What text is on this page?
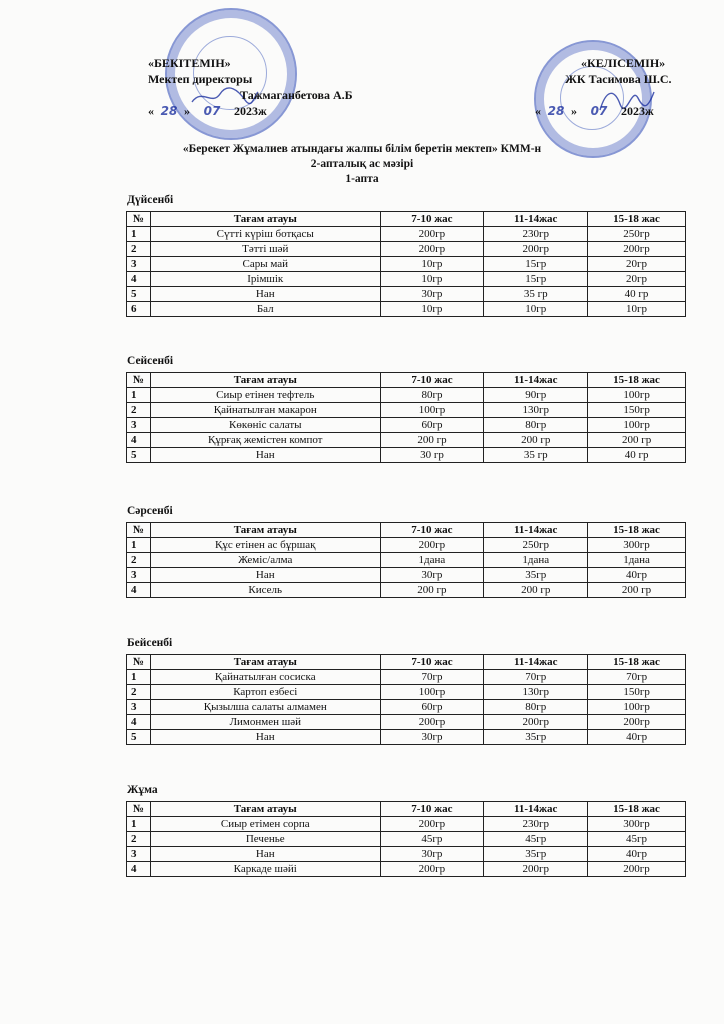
«БЕКІТЕМІН»
Мектеп директоры
Тажмаганбетова А.Б
« 28 » 07 2023ж
«КЕЛІСЕМІН»
ЖК Тасимова Ш.С.
« 28 » 07 2023ж
«Берекет Жұмалиев атындағы жалпы білім беретін мектеп» КММ-н
2-апталық ас мәзірі
1-апта
Дүйсенбі
Сейсенбі
Сәрсенбі
Бейсенбі
Жұма
№	Тағам атауы	7-10 жас	11-14жас	15-18 жас
1	Сүтті күріш ботқасы	200гр	230гр	250гр
2	Тәтті шәй	200гр	200гр	200гр
3	Сары май	10гр	15гр	20гр
4	Ірімшік	10гр	15гр	20гр
5	Нан	30гр	35 гр	40 гр
6	Бал	10гр	10гр	10гр
№	Тағам атауы	7-10 жас	11-14жас	15-18 жас
1	Сиыр етінен тефтель	80гр	90гр	100гр
2	Қайнатылған макарон	100гр	130гр	150гр
3	Көкөніс салаты	60гр	80гр	100гр
4	Құрғақ жемістен компот	200 гр	200 гр	200 гр
5	Нан	30 гр	35 гр	40 гр
№	Тағам атауы	7-10 жас	11-14жас	15-18 жас
1	Құс етінен ас бұршақ	200гр	250гр	300гр
2	Жеміс/алма	1дана	1дана	1дана
3	Нан	30гр	35гр	40гр
4	Кисель	200 гр	200 гр	200 гр
№	Тағам атауы	7-10 жас	11-14жас	15-18 жас
1	Қайнатылған сосиска	70гр	70гр	70гр
2	Картоп езбесі	100гр	130гр	150гр
3	Қызылша салаты алмамен	60гр	80гр	100гр
4	Лимонмен шәй	200гр	200гр	200гр
5	Нан	30гр	35гр	40гр
№	Тағам атауы	7-10 жас	11-14жас	15-18 жас
1	Сиыр етімен сорпа	200гр	230гр	300гр
2	Печенье	45гр	45гр	45гр
3	Нан	30гр	35гр	40гр
4	Каркаде шәйі	200гр	200гр	200гр
